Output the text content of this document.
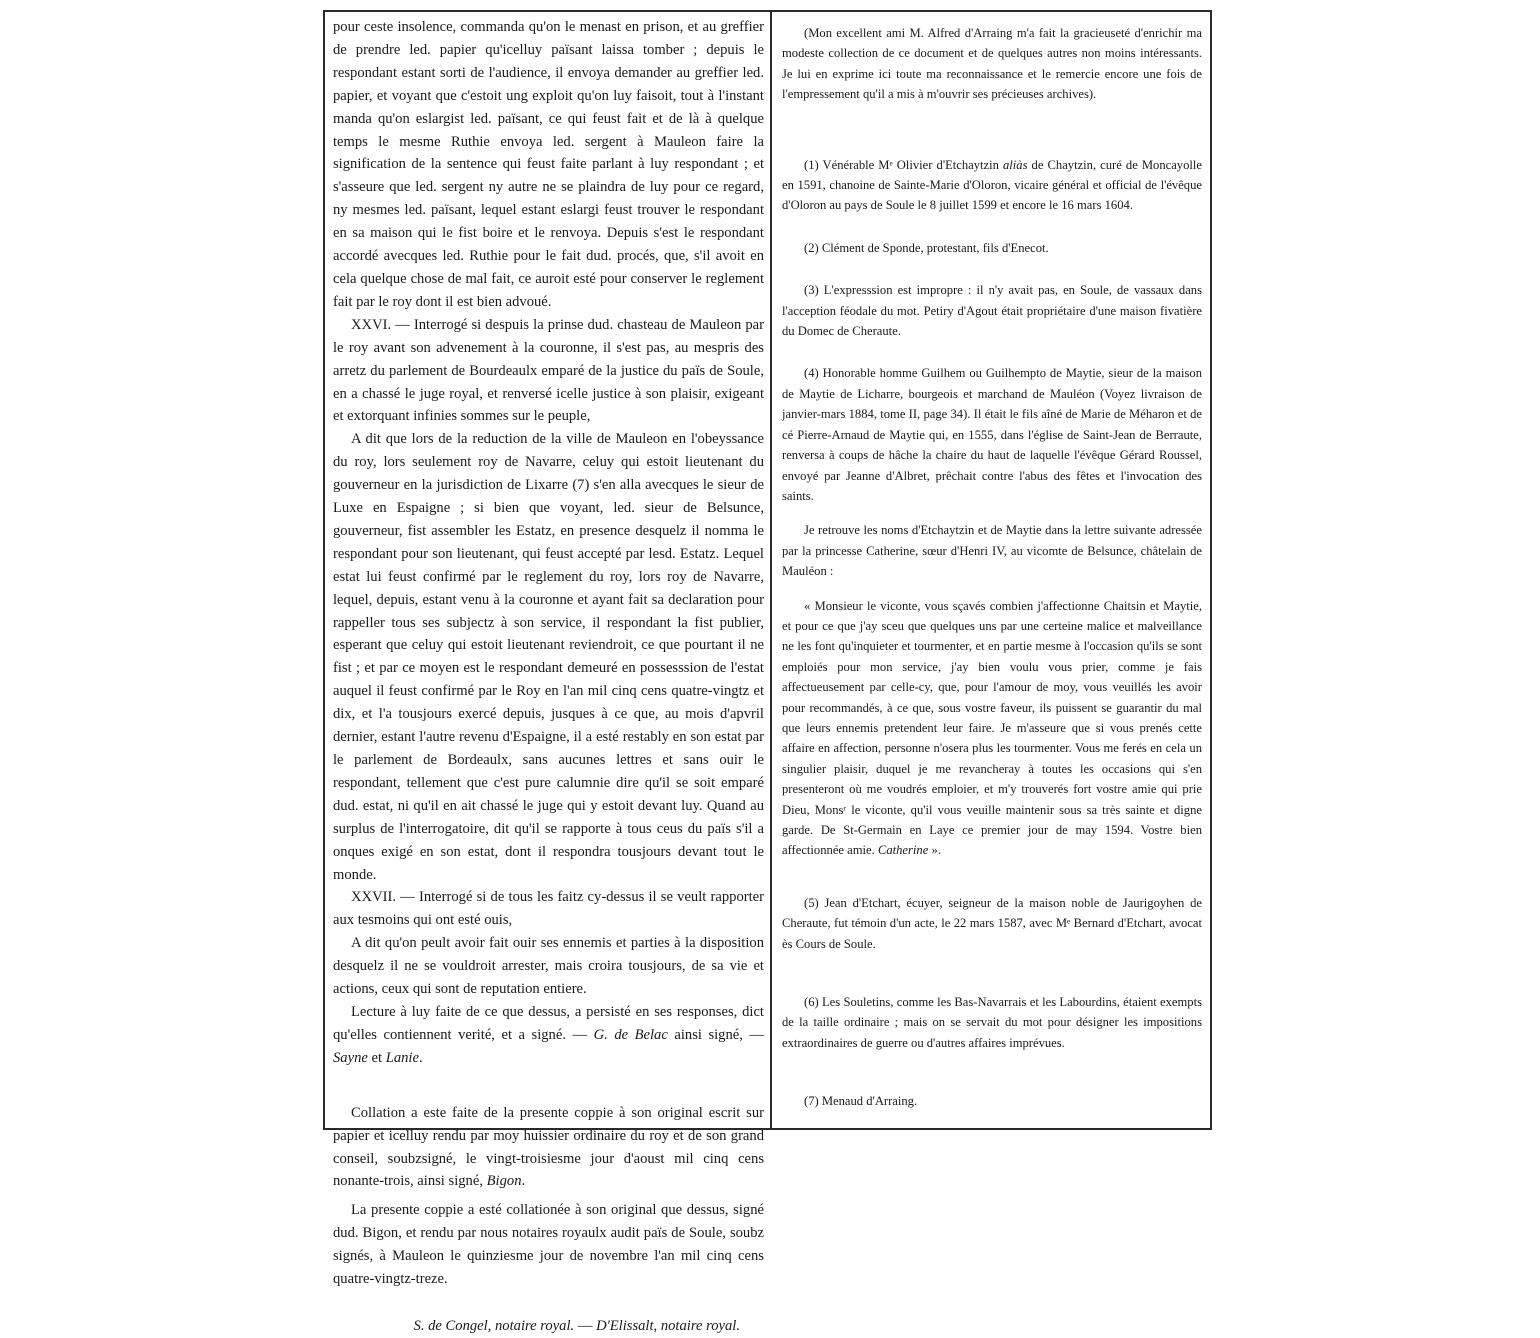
pour ceste insolence, commanda qu'on le menast en prison, et au greffier de prendre led. papier qu'icelluy païsant laissa tomber ; depuis le respondant estant sorti de l'audience, il envoya demander au greffier led. papier, et voyant que c'estoit ung exploit qu'on luy faisoit, tout à l'instant manda qu'on eslargist led. païsant, ce qui feust fait et de là à quelque temps le mesme Ruthie envoya led. sergent à Mauleon faire la signification de la sentence qui feust faite parlant à luy respondant ; et s'asseure que led. sergent ny autre ne se plaindra de luy pour ce regard, ny mesmes led. païsant, lequel estant eslargi feust trouver le respondant en sa maison qui le fist boire et le renvoya. Depuis s'est le respondant accordé avecques led. Ruthie pour le fait dud. procés, que, s'il avoit en cela quelque chose de mal fait, ce auroit esté pour conserver le reglement fait par le roy dont il est bien advoué.

XXVI. — Interrogé si despuis la prinse dud. chasteau de Mauleon par le roy avant son advenement à la couronne, il s'est pas, au mespris des arretz du parlement de Bourdeaulx emparé de la justice du païs de Soule, en a chassé le juge royal, et renversé icelle justice à son plaisir, exigeant et extorquant infinies sommes sur le peuple,

A dit que lors de la reduction de la ville de Mauleon en l'obeyssance du roy, lors seulement roy de Navarre, celuy qui estoit lieutenant du gouverneur en la jurisdiction de Lixarre (7) s'en alla avecques le sieur de Luxe en Espaigne ; si bien que voyant, led. sieur de Belsunce, gouverneur, fist assembler les Estatz, en presence desquelz il nomma le respondant pour son lieutenant, qui feust accepté par lesd. Estatz. Lequel estat lui feust confirmé par le reglement du roy, lors roy de Navarre, lequel, depuis, estant venu à la couronne et ayant fait sa declaration pour rappeller tous ses subjectz à son service, il respondant la fist publier, esperant que celuy qui estoit lieutenant reviendroit, ce que pourtant il ne fist ; et par ce moyen est le respondant demeuré en possesssion de l'estat auquel il feust confirmé par le Roy en l'an mil cinq cens quatre-vingtz et dix, et l'a tousjours exercé depuis, jusques à ce que, au mois d'apvril dernier, estant l'autre revenu d'Espaigne, il a esté restably en son estat par le parlement de Bordeaulx, sans aucunes lettres et sans ouir le respondant, tellement que c'est pure calumnie dire qu'il se soit emparé dud. estat, ni qu'il en ait chassé le juge qui y estoit devant luy. Quand au surplus de l'interrogatoire, dit qu'il se rapporte à tous ceus du païs s'il a onques exigé en son estat, dont il respondra tousjours devant tout le monde.

XXVII. — Interrogé si de tous les faitz cy-dessus il se veult rapporter aux tesmoins qui ont esté ouis,

A dit qu'on peult avoir fait ouir ses ennemis et parties à la disposition desquelz il ne se vouldroit arrester, mais croira tousjours, de sa vie et actions, ceux qui sont de reputation entiere.

Lecture à luy faite de ce que dessus, a persisté en ses responses, dict qu'elles contiennent verité, et a signé. — G. de Belac ainsi signé, — Sayne et Lanie.

Collation a este faite de la presente coppie à son original escrit sur papier et icelluy rendu par moy huissier ordinaire du roy et de son grand conseil, soubzsigné, le vingt-troisiesme jour d'aoust mil cinq cens nonante-trois, ainsi signé, Bigon.

La presente coppie a esté collationée à son original que dessus, signé dud. Bigon, et rendu par nous notaires royaulx audit païs de Soule, soubz signés, à Mauleon le quinziesme jour de novembre l'an mil cinq cens quatre-vingtz-treze.

S. de Congel, notaire royal. — D'Elissalt, notaire royal.

(Mon excellent ami M. Alfred d'Arraing m'a fait la gracieuseté d'enrichir ma modeste collection de ce document et de quelques autres non moins intéressants. Je lui en exprime ici toute ma reconnaissance et le remercie encore une fois de l'empressement qu'il a mis à m'ouvrir ses précieuses archives).

(1) Vénérable Mᵉ Olivier d'Etchaytzin aliàs de Chaytzin, curé de Moncayolle en 1591, chanoine de Sainte-Marie d'Oloron, vicaire général et official de l'évêque d'Oloron au pays de Soule le 8 juillet 1599 et encore le 16 mars 1604.

(2) Clément de Sponde, protestant, fils d'Enecot.

(3) L'expresssion est impropre : il n'y avait pas, en Soule, de vassaux dans l'acception féodale du mot. Petiry d'Agout était propriétaire d'une maison fivatière du Domec de Cheraute.

(4) Honorable homme Guilhem ou Guilhempto de Maytie, sieur de la maison de Maytie de Licharre, bourgeois et marchand de Mauléon (Voyez livraison de janvier-mars 1884, tome II, page 34). Il était le fils aîné de Marie de Méharon et de cé Pierre-Arnaud de Maytie qui, en 1555, dans l'église de Saint-Jean de Berraute, renversa à coups de hâche la chaire du haut de laquelle l'évêque Gérard Roussel, envoyé par Jeanne d'Albret, prêchait contre l'abus des fêtes et l'invocation des saints.

Je retrouve les noms d'Etchaytzin et de Maytie dans la lettre suivante adressée par la princesse Catherine, sœur d'Henri IV, au vicomte de Belsunce, châtelain de Mauléon :

« Monsieur le viconte, vous sçavés combien j'affectionne Chaitsin et Maytie, et pour ce que j'ay sceu que quelques uns par une certeine malice et malveillance ne les font qu'inquieter et tourmenter, et en partie mesme à l'occasion qu'ils se sont emploiés pour mon service, j'ay bien voulu vous prier, comme je fais affectueusement par celle-cy, que, pour l'amour de moy, vous veuillés les avoir pour recommandés, à ce que, sous vostre faveur, ils puissent se guarantir du mal que leurs ennemis pretendent leur faire. Je m'asseure que si vous prenés cette affaire en affection, personne n'osera plus les tourmenter. Vous me ferés en cela un singulier plaisir, duquel je me revancheray à toutes les occasions qui s'en presenteront où me voudrés emploier, et m'y trouverés fort vostre amie qui prie Dieu, Monsʳ le viconte, qu'il vous veuille maintenir sous sa très sainte et digne garde. De St-Germain en Laye ce premier jour de may 1594. Vostre bien affectionnée amie. Catherine ».

(5) Jean d'Etchart, écuyer, seigneur de la maison noble de Jaurigoyhen de Cheraute, fut témoin d'un acte, le 22 mars 1587, avec Mᵉ Bernard d'Etchart, avocat ès Cours de Soule.

(6) Les Souletins, comme les Bas-Navarrais et les Labourdins, étaient exempts de la taille ordinaire ; mais on se servait du mot pour désigner les impositions extraordinaires de guerre ou d'autres affaires imprévues.

(7) Menaud d'Arraing.
